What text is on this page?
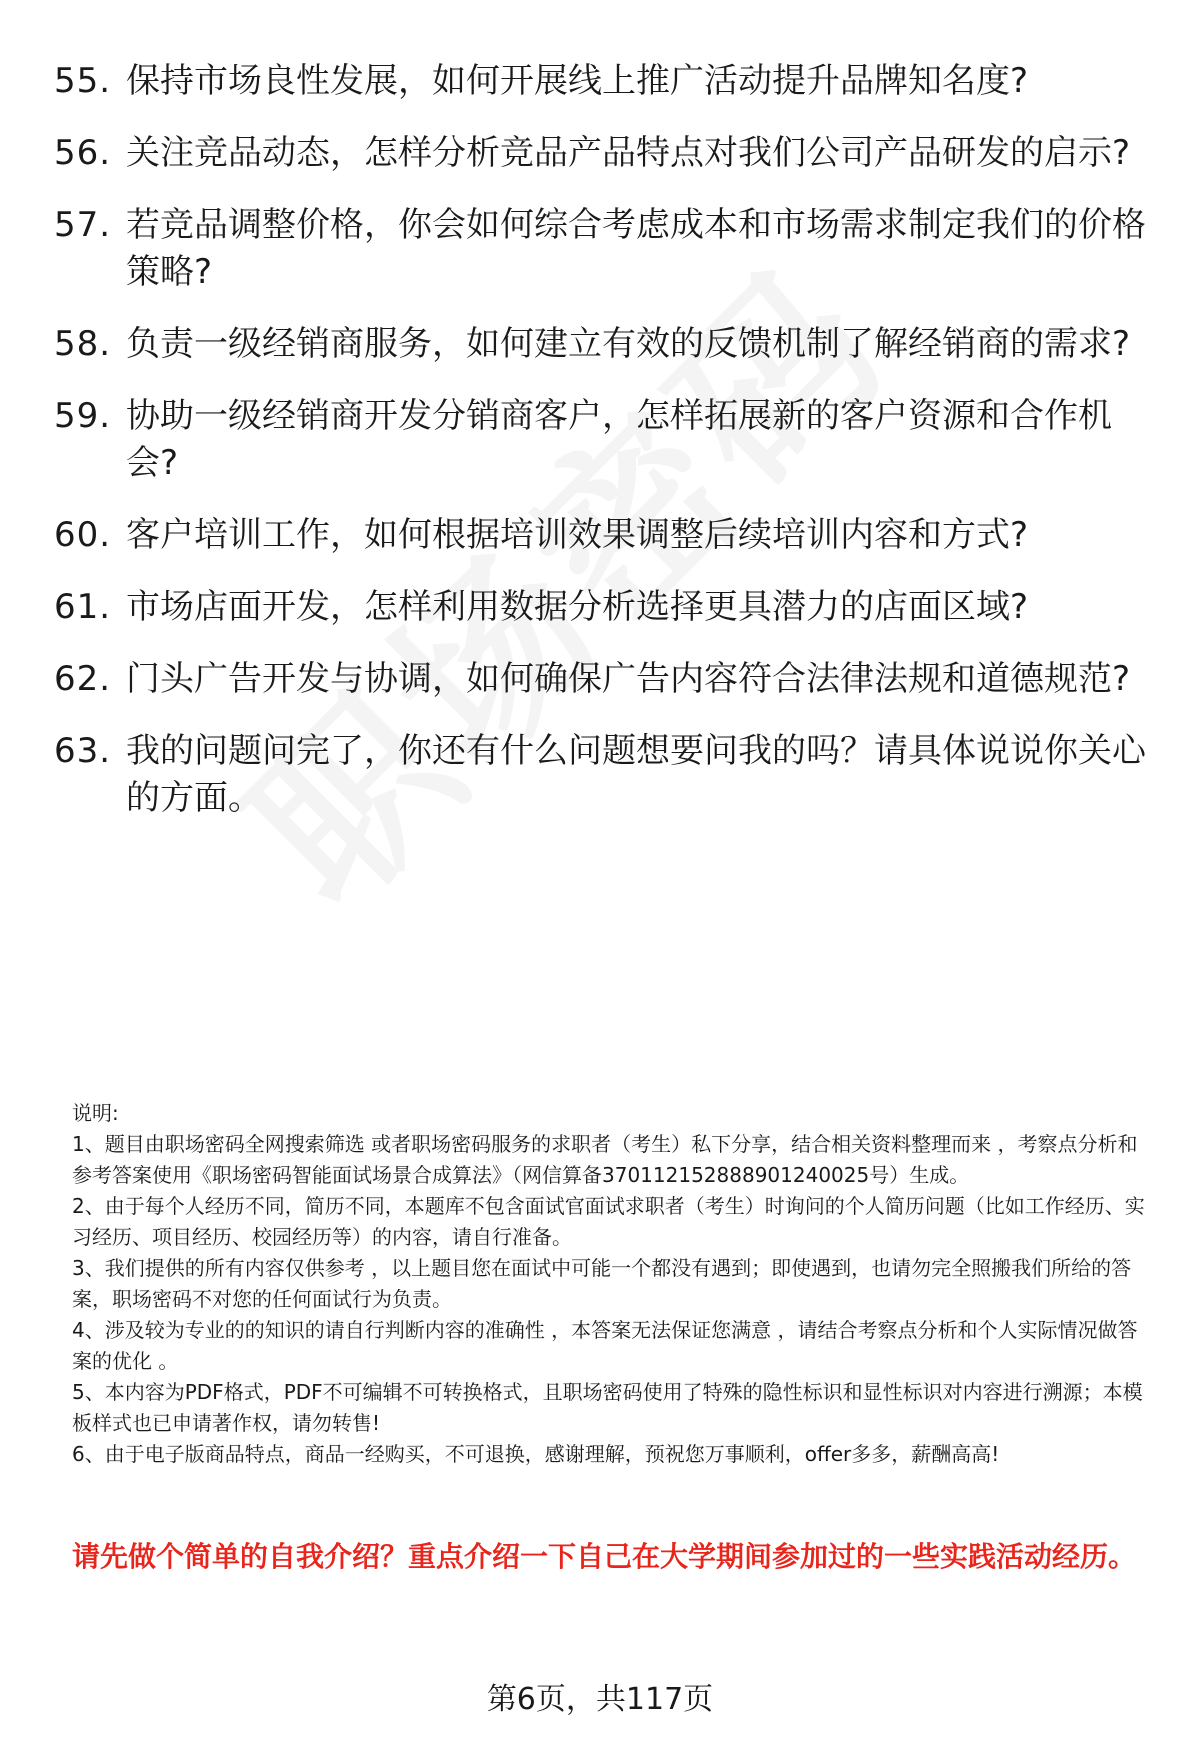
55. 保持市场良性发展，如何开展线上推广活动提升品牌知名度?
56. 关注竞品动态，怎样分析竞品产品特点对我们公司产品研发的启示?
57. 若竞品调整价格，你会如何综合考虑成本和市场需求制定我们的价格策略?
58. 负责一级经销商服务，如何建立有效的反馈机制了解经销商的需求?
59. 协助一级经销商开发分销商客户，怎样拓展新的客户资源和合作机会?
60. 客户培训工作，如何根据培训效果调整后续培训内容和方式?
61. 市场店面开发，怎样利用数据分析选择更具潜力的店面区域?
62. 门头广告开发与协调，如何确保广告内容符合法律法规和道德规范?
63. 我的问题问完了，你还有什么问题想要问我的吗？请具体说说你关心的方面。

说明:

1、题目由职场密码全网搜索筛选 或者职场密码服务的求职者（考生）私下分享，结合相关资料整理而来 ，考察点分析和参考答案使用《职场密码智能面试场景合成算法》（网信算备370112152888901240025号）生成。

2、由于每个人经历不同，简历不同，本题库不包含面试官面试求职者（考生）时询问的个人简历问题（比如工作经历、实习经历、项目经历、校园经历等）的内容，请自行准备。

3、我们提供的所有内容仅供参考 ，以上题目您在面试中可能一个都没有遇到；即使遇到，也请勿完全照搬我们所给的答案，职场密码不对您的任何面试行为负责。

4、涉及较为专业的的知识的请自行判断内容的准确性 ，本答案无法保证您满意 ，请结合考察点分析和个人实际情况做答案的优化 。

5、本内容为PDF格式，PDF不可编辑不可转换格式，且职场密码使用了特殊的隐性标识和显性标识对内容进行溯源；本模板样式也已申请著作权，请勿转售!

6、由于电子版商品特点，商品一经购买，不可退换，感谢理解，预祝您万事顺利，offer多多，薪酬高高!

请先做个简单的自我介绍？重点介绍一下自己在大学期间参加过的一些实践活动经历。
第6页，共117页
